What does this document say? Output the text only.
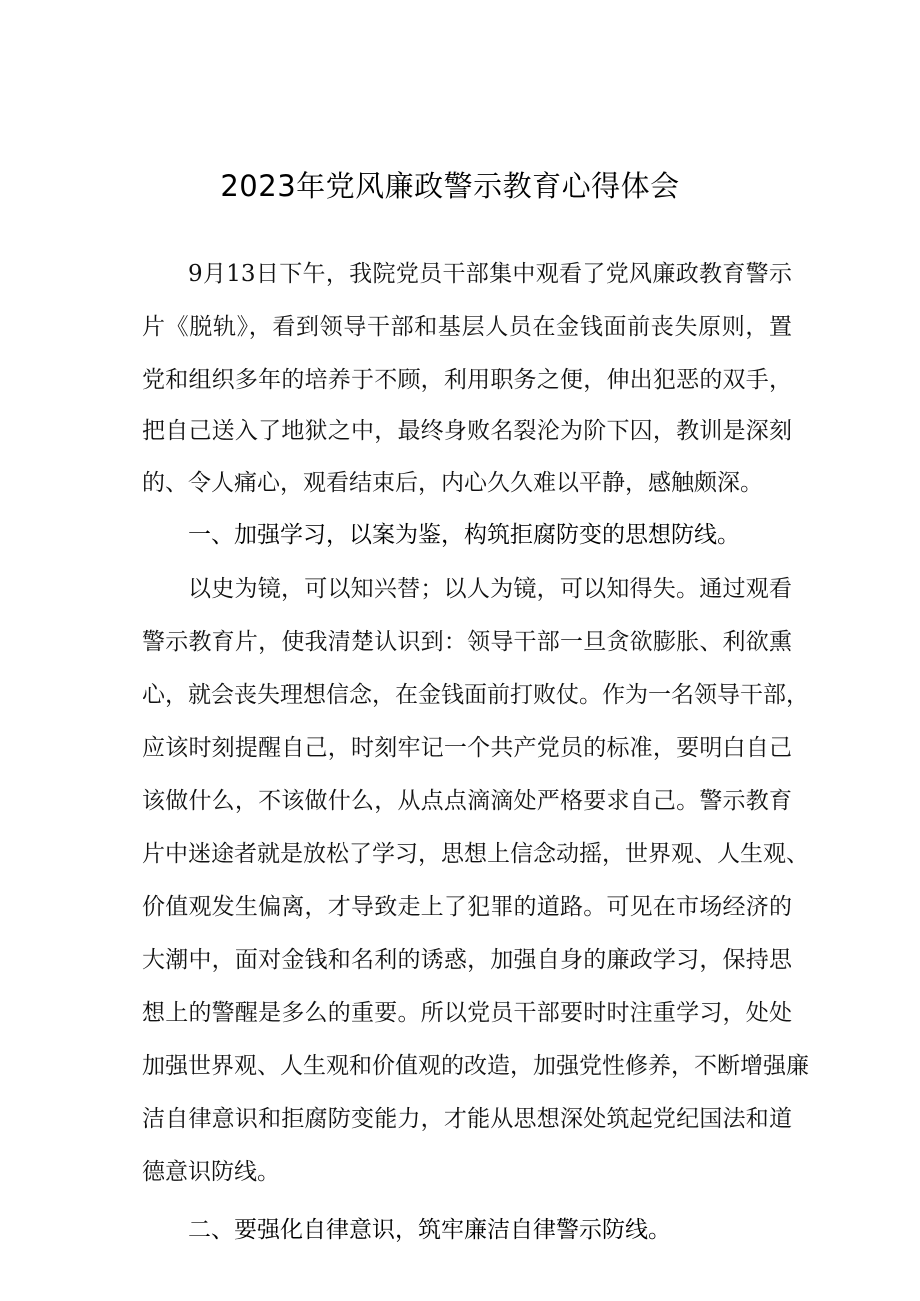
2023年党风廉政警示教育心得体会
9月13日下午，我院党员干部集中观看了党风廉政教育警示
片《脱轨》，看到领导干部和基层人员在金钱面前丧失原则，置
党和组织多年的培养于不顾，利用职务之便，伸出犯恶的双手，
把自己送入了地狱之中，最终身败名裂沦为阶下囚，教训是深刻
的、令人痛心，观看结束后，内心久久难以平静，感触颇深。
一、加强学习，以案为鉴，构筑拒腐防变的思想防线。
以史为镜，可以知兴替；以人为镜，可以知得失。通过观看
警示教育片，使我清楚认识到：领导干部一旦贪欲膨胀、利欲熏
心，就会丧失理想信念，在金钱面前打败仗。作为一名领导干部，
应该时刻提醒自己，时刻牢记一个共产党员的标准，要明白自己
该做什么，不该做什么，从点点滴滴处严格要求自己。警示教育
片中迷途者就是放松了学习，思想上信念动摇，世界观、人生观、
价值观发生偏离，才导致走上了犯罪的道路。可见在市场经济的
大潮中，面对金钱和名利的诱惑，加强自身的廉政学习，保持思
想上的警醒是多么的重要。所以党员干部要时时注重学习，处处
加强世界观、人生观和价值观的改造，加强党性修养，不断增强廉
洁自律意识和拒腐防变能力，才能从思想深处筑起党纪国法和道
德意识防线。
二、要强化自律意识，筑牢廉洁自律警示防线。
